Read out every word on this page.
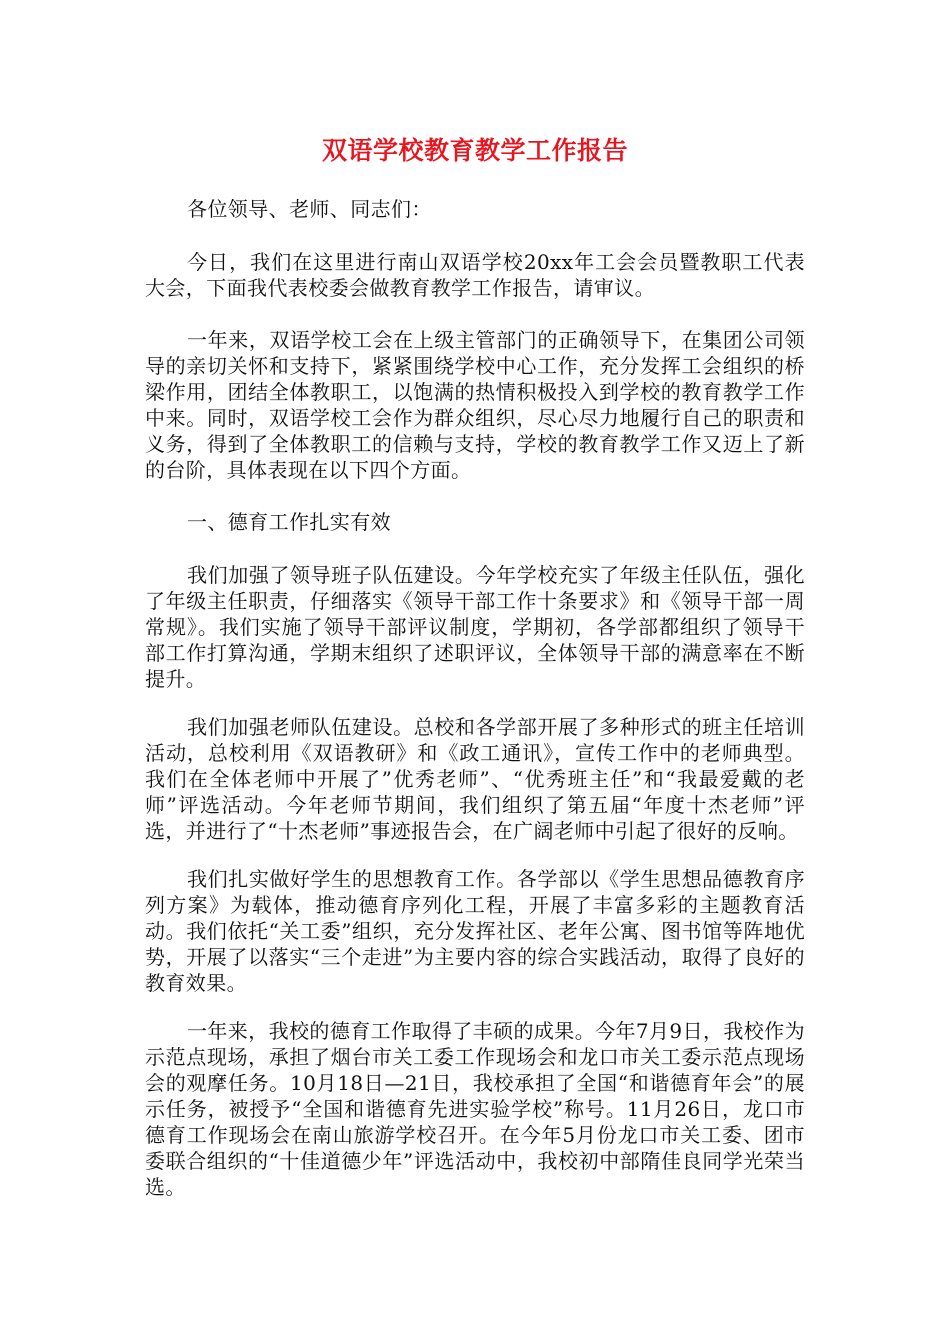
双语学校教育教学工作报告

各位领导、老师、同志们：

今日，我们在这里进行南山双语学校20xx年工会会员暨教职工代表大会，下面我代表校委会做教育教学工作报告，请审议。

一年来，双语学校工会在上级主管部门的正确领导下，在集团公司领导的亲切关怀和支持下，紧紧围绕学校中心工作，充分发挥工会组织的桥梁作用，团结全体教职工，以饱满的热情积极投入到学校的教育教学工作中来。同时，双语学校工会作为群众组织，尽心尽力地履行自己的职责和义务，得到了全体教职工的信赖与支持，学校的教育教学工作又迈上了新的台阶，具体表现在以下四个方面。

一、德育工作扎实有效

我们加强了领导班子队伍建设。今年学校充实了年级主任队伍，强化了年级主任职责，仔细落实《领导干部工作十条要求》和《领导干部一周常规》。我们实施了领导干部评议制度，学期初，各学部都组织了领导干部工作打算沟通，学期末组织了述职评议，全体领导干部的满意率在不断提升。

我们加强老师队伍建设。总校和各学部开展了多种形式的班主任培训活动，总校利用《双语教研》和《政工通讯》，宣传工作中的老师典型。我们在全体老师中开展了”优秀老师”、“优秀班主任”和“我最爱戴的老师”评选活动。今年老师节期间，我们组织了第五届“年度十杰老师”评选，并进行了“十杰老师”事迹报告会，在广阔老师中引起了很好的反响。

我们扎实做好学生的思想教育工作。各学部以《学生思想品德教育序列方案》为载体，推动德育序列化工程，开展了丰富多彩的主题教育活动。我们依托“关工委”组织，充分发挥社区、老年公寓、图书馆等阵地优势，开展了以落实“三个走进”为主要内容的综合实践活动，取得了良好的教育效果。

一年来，我校的德育工作取得了丰硕的成果。今年7月9日，我校作为示范点现场，承担了烟台市关工委工作现场会和龙口市关工委示范点现场会的观摩任务。10月18日—21日，我校承担了全国“和谐德育年会”的展示任务，被授予“全国和谐德育先进实验学校”称号。11月26日，龙口市德育工作现场会在南山旅游学校召开。在今年5月份龙口市关工委、团市委联合组织的“十佳道德少年”评选活动中，我校初中部隋佳良同学光荣当选。
